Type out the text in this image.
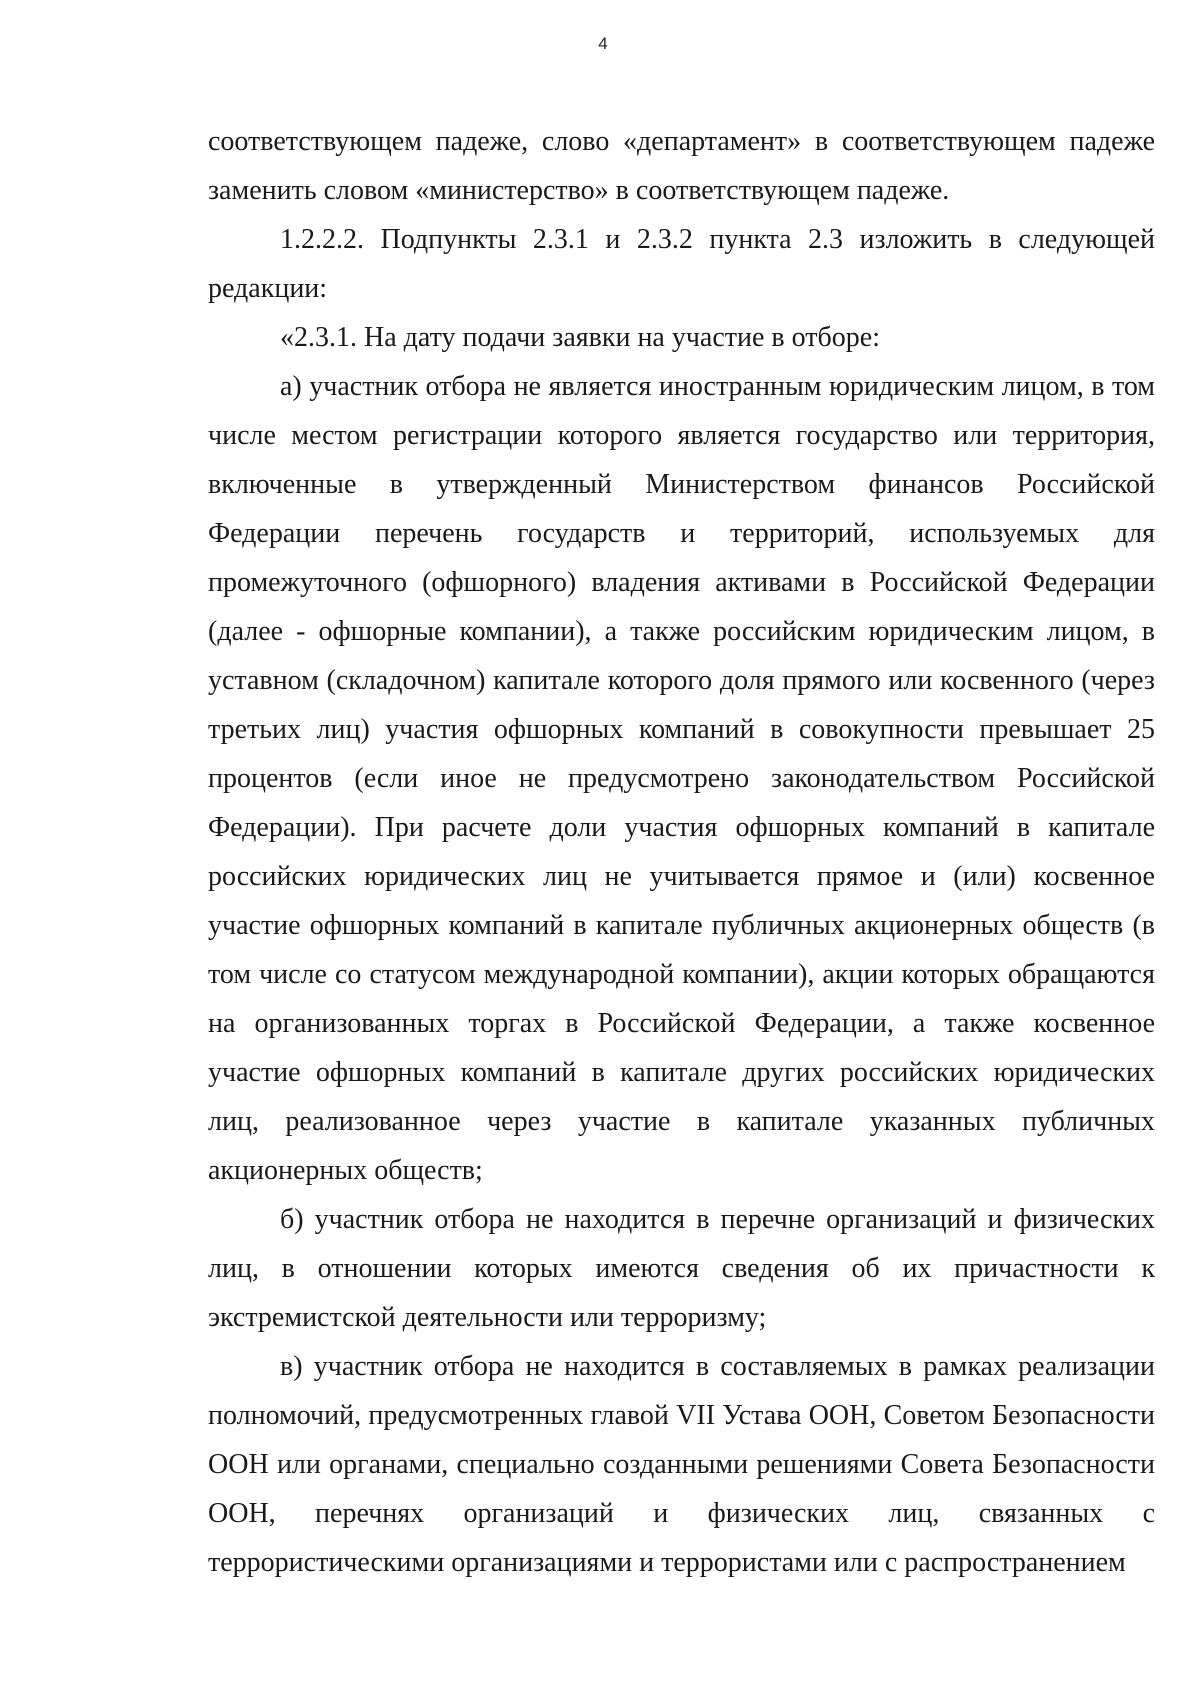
4

соответствующем падеже, слово «департамент» в соответствующем падеже заменить словом «министерство» в соответствующем падеже.

1.2.2.2. Подпункты 2.3.1 и 2.3.2 пункта 2.3 изложить в следующей редакции:

«2.3.1. На дату подачи заявки на участие в отборе:

а) участник отбора не является иностранным юридическим лицом, в том числе местом регистрации которого является государство или территория, включенные в утвержденный Министерством финансов Российской Федерации перечень государств и территорий, используемых для промежуточного (офшорного) владения активами в Российской Федерации (далее - офшорные компании), а также российским юридическим лицом, в уставном (складочном) капитале которого доля прямого или косвенного (через третьих лиц) участия офшорных компаний в совокупности превышает 25 процентов (если иное не предусмотрено законодательством Российской Федерации). При расчете доли участия офшорных компаний в капитале российских юридических лиц не учитывается прямое и (или) косвенное участие офшорных компаний в капитале публичных акционерных обществ (в том числе со статусом международной компании), акции которых обращаются на организованных торгах в Российской Федерации, а также косвенное участие офшорных компаний в капитале других российских юридических лиц, реализованное через участие в капитале указанных публичных акционерных обществ;

б) участник отбора не находится в перечне организаций и физических лиц, в отношении которых имеются сведения об их причастности к экстремистской деятельности или терроризму;

в) участник отбора не находится в составляемых в рамках реализации полномочий, предусмотренных главой VII Устава ООН, Советом Безопасности ООН или органами, специально созданными решениями Совета Безопасности ООН, перечнях организаций и физических лиц, связанных с террористическими организациями и террористами или с распространением
